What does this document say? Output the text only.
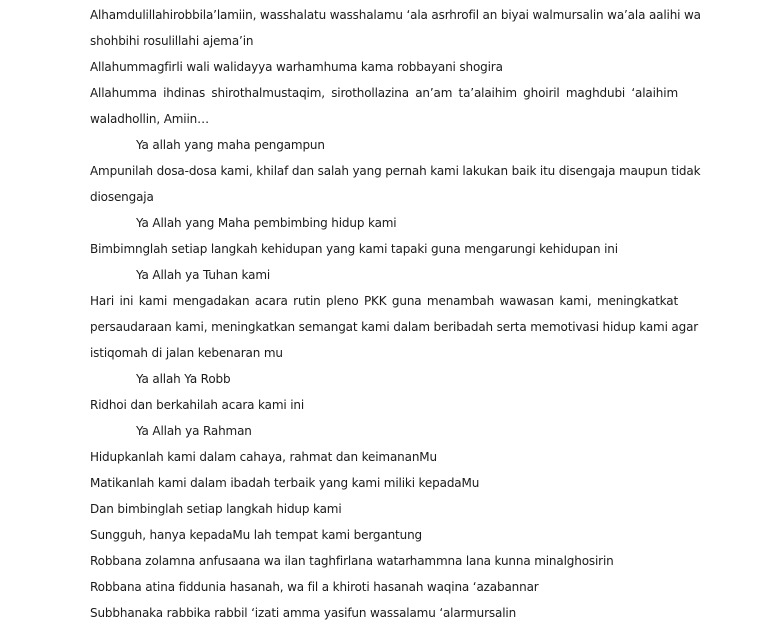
Alhamdulillahirobbila’lamiin, wasshalatu wasshalamu ‘ala asrhrofil an biyai walmursalin wa’ala aalihi wa
shohbihi rosulillahi ajema’in
Allahummagfirli wali walidayya warhamhuma kama robbayani shogira
Allahumma ihdinas shirothalmustaqim, sirothollazina an’am ta’alaihim ghoiril maghdubi ‘alaihim
waladhollin, Amiin…
Ya allah yang maha pengampun
Ampunilah dosa-dosa kami, khilaf dan salah yang pernah kami lakukan baik itu disengaja maupun tidak
diosengaja
Ya Allah yang Maha pembimbing hidup kami
Bimbimnglah setiap langkah kehidupan yang kami tapaki guna mengarungi kehidupan ini
Ya Allah ya Tuhan kami
Hari ini kami mengadakan acara rutin pleno PKK guna menambah wawasan kami, meningkatkat
persaudaraan kami, meningkatkan semangat kami dalam beribadah serta memotivasi hidup kami agar
istiqomah di jalan kebenaran mu
Ya allah Ya Robb
Ridhoi dan berkahilah acara kami ini
Ya Allah ya Rahman
Hidupkanlah kami dalam cahaya, rahmat dan keimananMu
Matikanlah kami dalam ibadah terbaik yang kami miliki kepadaMu
Dan bimbinglah setiap langkah hidup kami
Sungguh, hanya kepadaMu lah tempat kami bergantung
Robbana zolamna anfusaana wa ilan taghfirlana watarhammna lana kunna minalghosirin
Robbana atina fiddunia hasanah, wa fil a khiroti hasanah waqina ‘azabannar
Subbhanaka rabbika rabbil ‘izati amma yasifun wassalamu ‘alarmursalin
